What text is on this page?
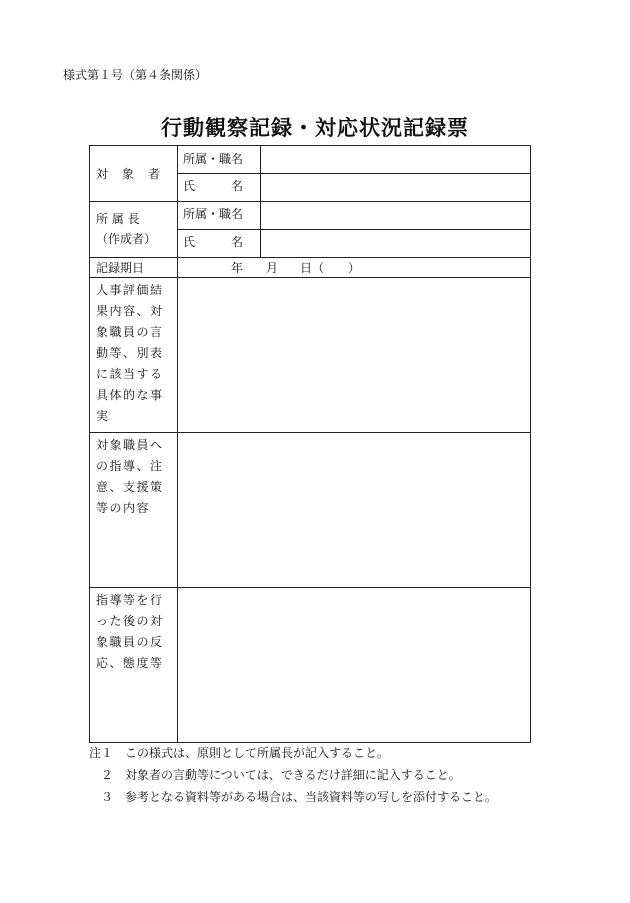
様式第１号（第４条関係）
行動観察記録・対応状況記録票
対　象　者
所属・職名
氏　　　名
所 属 長
（作成者）
所属・職名
氏　　　名
記録期日	年 月 日（　　）
人事評価結果内容、対象職員の言動等、別表に該当する具体的な事実
対象職員への指導、注意、支援策等の内容
指導等を行った後の対象職員の反応、態度等
注１　この様式は、原則として所属長が記入すること。
　２　対象者の言動等については、できるだけ詳細に記入すること。
　３　参考となる資料等がある場合は、当該資料等の写しを添付すること。
